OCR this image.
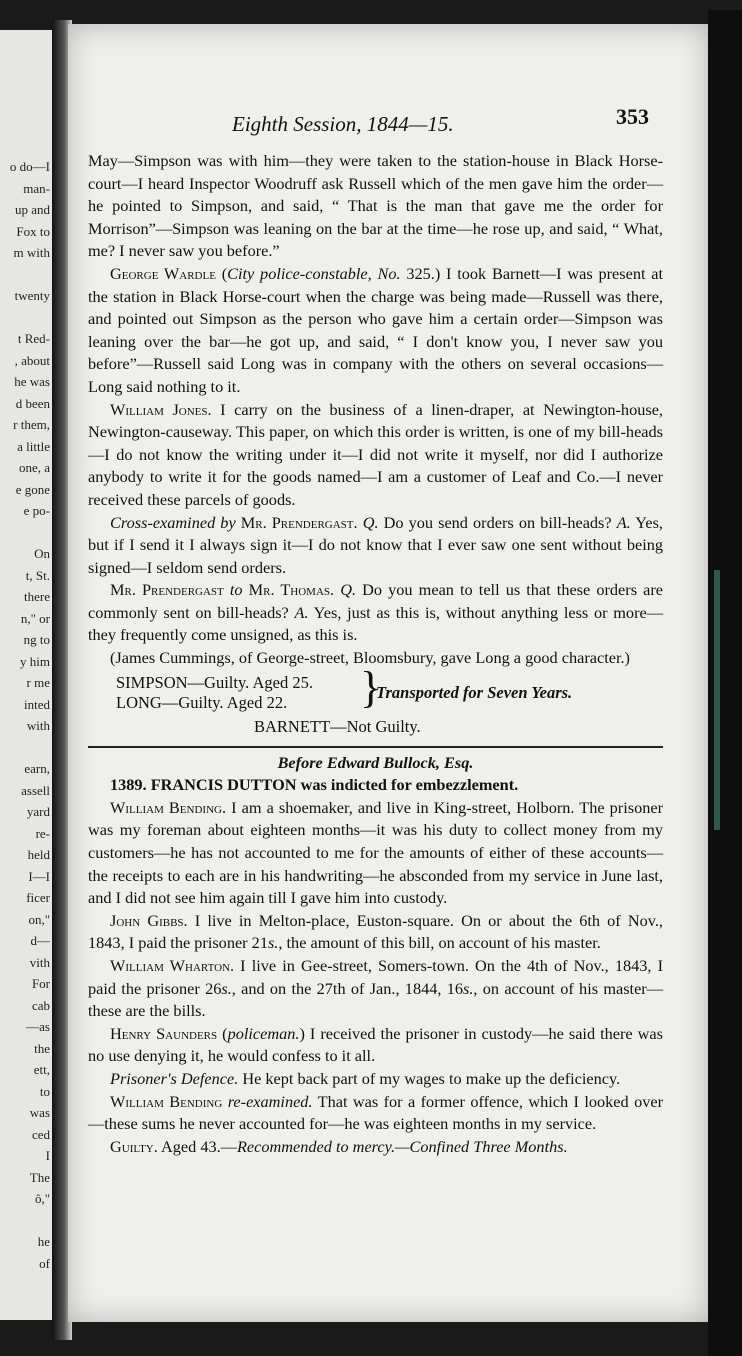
o do—I
man-
up and
Fox to
m with
twenty
t Red-
, about
he was
d been
r them,
a little
one, a
e gone
e po-
On
t, St.
there
n," or
ng to
y him
r me
inted
with
earn,
assell
yard
re-
held
I—I
ficer
on,"
d—
vith
For
cab
—as
the
ett,
to
was
ced
I
The
ô,"
he
of
Eighth Session, 1844—15.	353

May—Simpson was with him—they were taken to the station-house in Black Horse-court—I heard Inspector Woodruff ask Russell which of the men gave him the order—he pointed to Simpson, and said, “ That is the man that gave me the order for Morrison”—Simpson was leaning on the bar at the time—he rose up, and said, “ What, me? I never saw you before.”

George Wardle (City police-constable, No. 325.) I took Barnett—I was present at the station in Black Horse-court when the charge was being made—Russell was there, and pointed out Simpson as the person who gave him a certain order—Simpson was leaning over the bar—he got up, and said, “ I don't know you, I never saw you before”—Russell said Long was in company with the others on several occasions—Long said nothing to it.

William Jones. I carry on the business of a linen-draper, at Newington-house, Newington-causeway. This paper, on which this order is written, is one of my bill-heads—I do not know the writing under it—I did not write it myself, nor did I authorize anybody to write it for the goods named—I am a customer of Leaf and Co.—I never received these parcels of goods.

Cross-examined by Mr. Prendergast. Q. Do you send orders on bill-heads? A. Yes, but if I send it I always sign it—I do not know that I ever saw one sent without being signed—I seldom send orders.

Mr. Prendergast to Mr. Thomas. Q. Do you mean to tell us that these orders are commonly sent on bill-heads? A. Yes, just as this is, without anything less or more—they frequently come unsigned, as this is.

(James Cummings, of George-street, Bloomsbury, gave Long a good character.)

SIMPSON—Guilty. Aged 25.
LONG—Guilty. Aged 22. }
Transported for Seven Years.
BARNETT—Not Guilty.
Before Edward Bullock, Esq.

1389. FRANCIS DUTTON was indicted for embezzlement.

William Bending. I am a shoemaker, and live in King-street, Holborn. The prisoner was my foreman about eighteen months—it was his duty to collect money from my customers—he has not accounted to me for the amounts of either of these accounts—the receipts to each are in his handwriting—he absconded from my service in June last, and I did not see him again till I gave him into custody.

John Gibbs. I live in Melton-place, Euston-square. On or about the 6th of Nov., 1843, I paid the prisoner 21s., the amount of this bill, on account of his master.

William Wharton. I live in Gee-street, Somers-town. On the 4th of Nov., 1843, I paid the prisoner 26s., and on the 27th of Jan., 1844, 16s., on account of his master—these are the bills.

Henry Saunders (policeman.) I received the prisoner in custody—he said there was no use denying it, he would confess to it all.

Prisoner's Defence. He kept back part of my wages to make up the deficiency.

William Bending re-examined. That was for a former offence, which I looked over—these sums he never accounted for—he was eighteen months in my service.

Guilty. Aged 43.—Recommended to mercy.—Confined Three Months.
